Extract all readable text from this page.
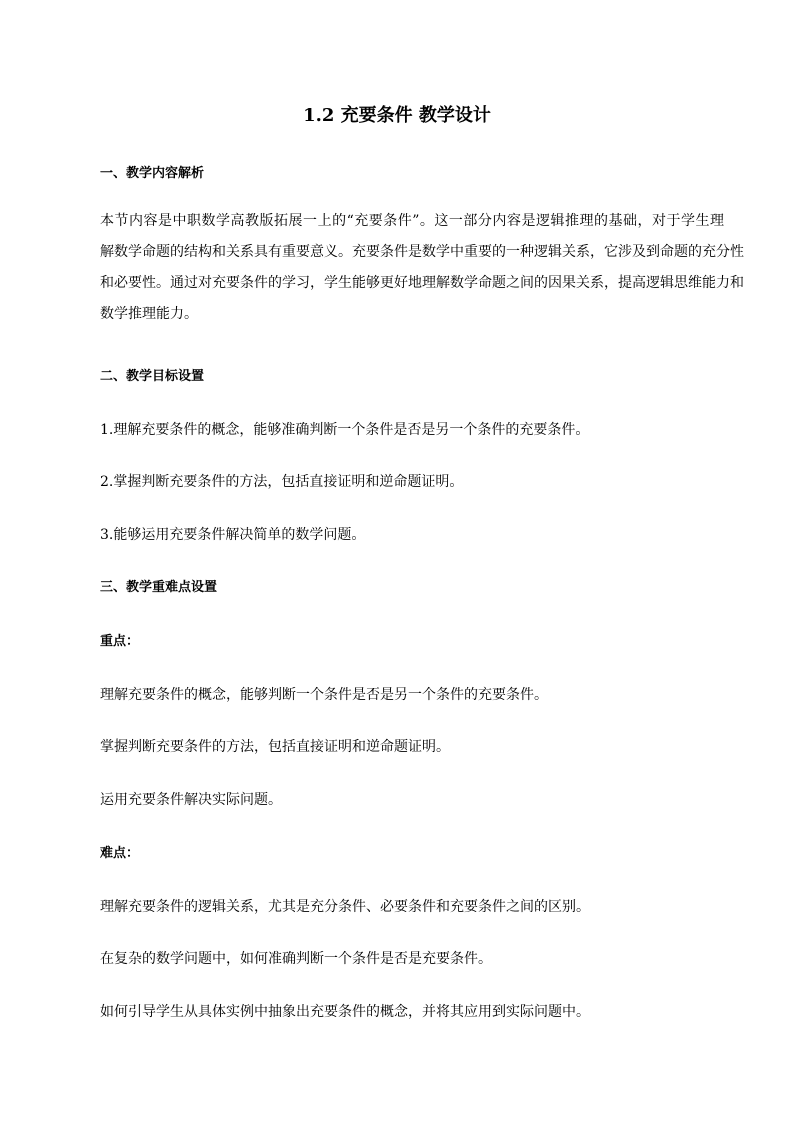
1.2 充要条件 教学设计
一、教学内容解析
本节内容是中职数学高教版拓展一上的“充要条件”。这一部分内容是逻辑推理的基础，对于学生理
解数学命题的结构和关系具有重要意义。充要条件是数学中重要的一种逻辑关系，它涉及到命题的充分性
和必要性。通过对充要条件的学习，学生能够更好地理解数学命题之间的因果关系，提高逻辑思维能力和
数学推理能力。
二、教学目标设置
1.理解充要条件的概念，能够准确判断一个条件是否是另一个条件的充要条件。
2.掌握判断充要条件的方法，包括直接证明和逆命题证明。
3.能够运用充要条件解决简单的数学问题。
三、教学重难点设置
重点：
理解充要条件的概念，能够判断一个条件是否是另一个条件的充要条件。
掌握判断充要条件的方法，包括直接证明和逆命题证明。
运用充要条件解决实际问题。
难点：
理解充要条件的逻辑关系，尤其是充分条件、必要条件和充要条件之间的区别。
在复杂的数学问题中，如何准确判断一个条件是否是充要条件。
如何引导学生从具体实例中抽象出充要条件的概念，并将其应用到实际问题中。
